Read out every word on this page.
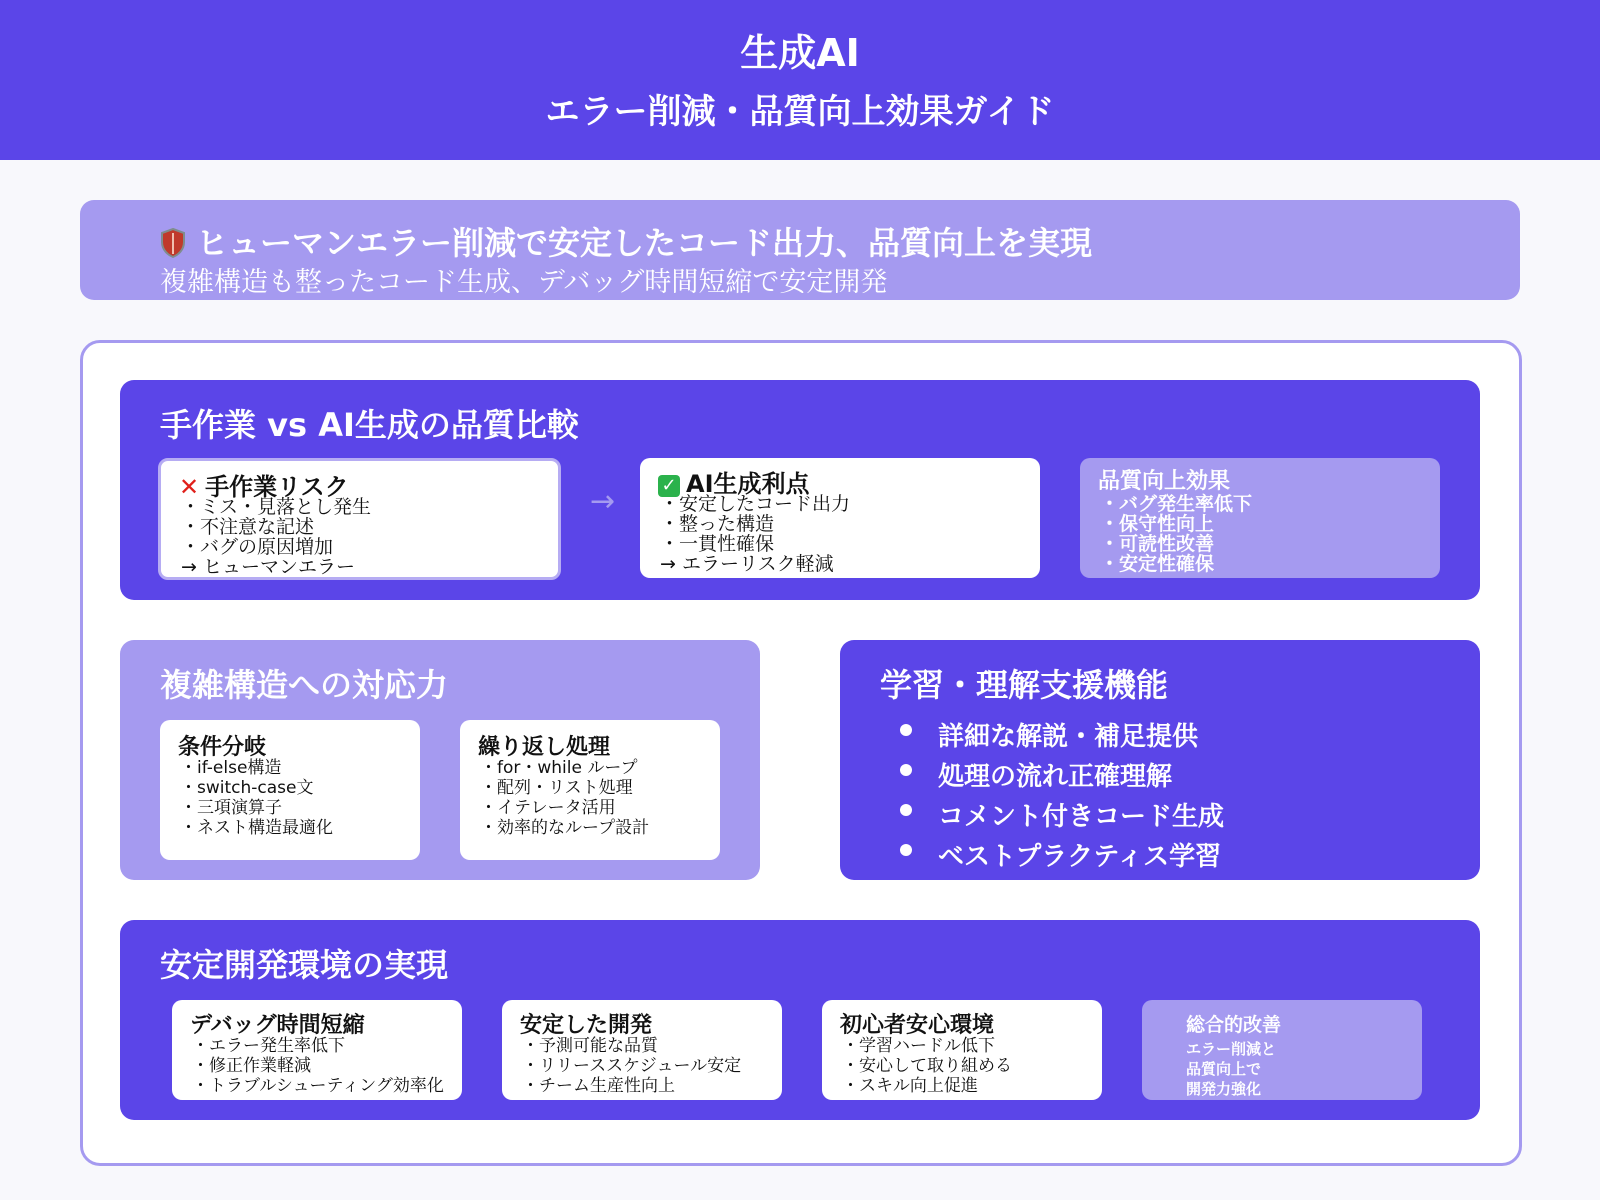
生成AI
エラー削減・品質向上効果ガイド
ヒューマンエラー削減で安定したコード出力、品質向上を実現
複雑構造も整ったコード生成、デバッグ時間短縮で安定開発
手作業 vs AI生成の品質比較
✕ 手作業リスク
・ミス・見落とし発生
・不注意な記述
・バグの原因増加
→ ヒューマンエラー
→	✓ AI生成利点
・安定したコード出力
・整った構造
・一貫性確保
→ エラーリスク軽減
品質向上効果
・バグ発生率低下
・保守性向上
・可読性改善
・安定性確保
複雑構造への対応力
条件分岐
・if-else構造
・switch-case文
・三項演算子
・ネスト構造最適化
繰り返し処理
・for・while ループ
・配列・リスト処理
・イテレータ活用
・効率的なループ設計
学習・理解支援機能
詳細な解説・補足提供
処理の流れ正確理解
コメント付きコード生成
ベストプラクティス学習
安定開発環境の実現
デバッグ時間短縮
・エラー発生率低下
・修正作業軽減
・トラブルシューティング効率化
安定した開発
・予測可能な品質
・リリーススケジュール安定
・チーム生産性向上
初心者安心環境
・学習ハードル低下
・安心して取り組める
・スキル向上促進
総合的改善
エラー削減と
品質向上で
開発力強化
